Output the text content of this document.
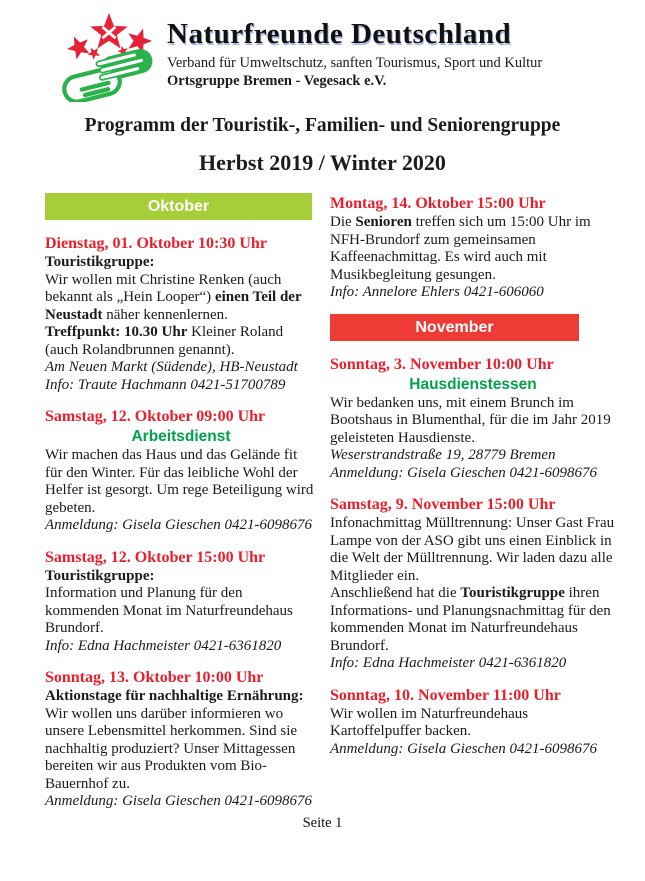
Naturfreunde Deutschland
Verband für Umweltschutz, sanften Tourismus, Sport und Kultur
Ortsgruppe Bremen - Vegesack e.V.
Programm der Touristik-, Familien- und Seniorengruppe
Herbst 2019 / Winter 2020
Oktober
Dienstag, 01. Oktober 10:30 Uhr
Touristikgruppe:
Wir wollen mit Christine Renken (auch bekannt als „Hein Looper“) einen Teil der Neustadt näher kennenlernen.
Treffpunkt: 10.30 Uhr Kleiner Roland (auch Rolandbrunnen genannt).
Am Neuen Markt (Südende), HB-Neustadt
Info: Traute Hachmann 0421-51700789
Samstag, 12. Oktober 09:00 Uhr
Arbeitsdienst
Wir machen das Haus und das Gelände fit für den Winter. Für das leibliche Wohl der Helfer ist gesorgt. Um rege Beteiligung wird gebeten.
Anmeldung: Gisela Gieschen 0421-6098676
Samstag, 12. Oktober 15:00 Uhr
Touristikgruppe:
Information und Planung für den kommenden Monat im Naturfreundehaus Brundorf.
Info: Edna Hachmeister 0421-6361820
Sonntag, 13. Oktober 10:00 Uhr
Aktionstage für nachhaltige Ernährung:
Wir wollen uns darüber informieren wo unsere Lebensmittel herkommen. Sind sie nachhaltig produziert? Unser Mittagessen bereiten wir aus Produkten vom Bio-Bauernhof zu.
Anmeldung: Gisela Gieschen 0421-6098676
Montag, 14. Oktober 15:00 Uhr
Die Senioren treffen sich um 15:00 Uhr im NFH-Brundorf zum gemeinsamen Kaffeenachmittag. Es wird auch mit Musikbegleitung gesungen.
Info: Annelore Ehlers 0421-606060
November
Sonntag, 3. November 10:00 Uhr
Hausdienstessen
Wir bedanken uns, mit einem Brunch im Bootshaus in Blumenthal, für die im Jahr 2019 geleisteten Hausdienste.
Weserstrandstraße 19, 28779 Bremen
Anmeldung: Gisela Gieschen 0421-6098676
Samstag, 9. November 15:00 Uhr
Infonachmittag Mülltrennung: Unser Gast Frau Lampe von der ASO gibt uns einen Einblick in die Welt der Mülltrennung. Wir laden dazu alle Mitglieder ein.
Anschließend hat die Touristikgruppe ihren Informations- und Planungsnachmittag für den kommenden Monat im Naturfreundehaus Brundorf.
Info: Edna Hachmeister 0421-6361820
Sonntag, 10. November 11:00 Uhr
Wir wollen im Naturfreundehaus Kartoffelpuffer backen.
Anmeldung: Gisela Gieschen 0421-6098676
Seite 1
